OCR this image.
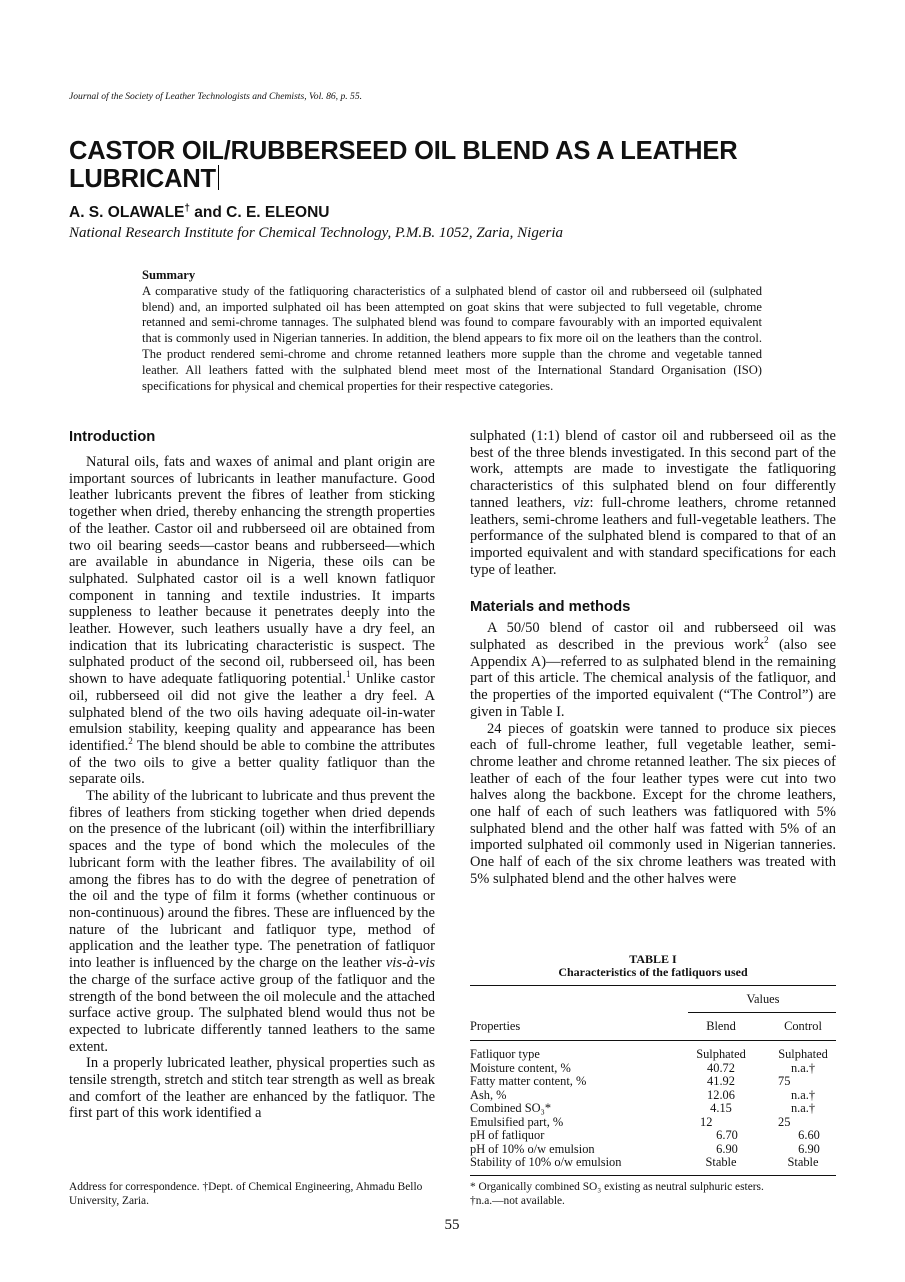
Journal of the Society of Leather Technologists and Chemists, Vol. 86, p. 55.
CASTOR OIL/RUBBERSEED OIL BLEND AS A LEATHER LUBRICANT
A. S. OLAWALE† and C. E. ELEONU
National Research Institute for Chemical Technology, P.M.B. 1052, Zaria, Nigeria
Summary
A comparative study of the fatliquoring characteristics of a sulphated blend of castor oil and rubberseed oil (sulphated blend) and, an imported sulphated oil has been attempted on goat skins that were subjected to full vegetable, chrome retanned and semi-chrome tannages. The sulphated blend was found to compare favourably with an imported equivalent that is commonly used in Nigerian tanneries. In addition, the blend appears to fix more oil on the leathers than the control. The product rendered semi-chrome and chrome retanned leathers more supple than the chrome and vegetable tanned leather. All leathers fatted with the sulphated blend meet most of the International Standard Organisation (ISO) specifications for physical and chemical properties for their respective categories.
Introduction

Natural oils, fats and waxes of animal and plant origin are important sources of lubricants in leather manufacture. Good leather lubricants prevent the fibres of leather from sticking together when dried, thereby enhancing the strength properties of the leather. Castor oil and rubberseed oil are obtained from two oil bearing seeds—castor beans and rubberseed—which are available in abundance in Nigeria, these oils can be sulphated. Sulphated castor oil is a well known fatliquor component in tanning and textile industries. It imparts suppleness to leather because it penetrates deeply into the leather. However, such leathers usually have a dry feel, an indication that its lubricating characteristic is suspect. The sulphated product of the second oil, rubberseed oil, has been shown to have adequate fatliquoring potential.$^1$ Unlike castor oil, rubberseed oil did not give the leather a dry feel. A sulphated blend of the two oils having adequate oil-in-water emulsion stability, keeping quality and appearance has been identified.$^2$ The blend should be able to combine the attributes of the two oils to give a better quality fatliquor than the separate oils.

The ability of the lubricant to lubricate and thus prevent the fibres of leathers from sticking together when dried depends on the presence of the lubricant (oil) within the interfibrilliary spaces and the type of bond which the molecules of the lubricant form with the leather fibres. The availability of oil among the fibres has to do with the degree of penetration of the oil and the type of film it forms (whether continuous or non-continuous) around the fibres. These are influenced by the nature of the lubricant and fatliquor type, method of application and the leather type. The penetration of fatliquor into leather is influenced by the charge on the leather vis-à-vis the charge of the surface active group of the fatliquor and the strength of the bond between the oil molecule and the attached surface active group. The sulphated blend would thus not be expected to lubricate differently tanned leathers to the same extent.

In a properly lubricated leather, physical properties such as tensile strength, stretch and stitch tear strength as well as break and comfort of the leather are enhanced by the fatliquor. The first part of this work identified a

sulphated (1:1) blend of castor oil and rubberseed oil as the best of the three blends investigated. In this second part of the work, attempts are made to investigate the fatliquoring characteristics of this sulphated blend on four differently tanned leathers, viz: full-chrome leathers, chrome retanned leathers, semi-chrome leathers and full-vegetable leathers. The performance of the sulphated blend is compared to that of an imported equivalent and with standard specifications for each type of leather.

Materials and methods

A 50/50 blend of castor oil and rubberseed oil was sulphated as described in the previous work$^2$ (also see Appendix A)—referred to as sulphated blend in the remaining part of this article. The chemical analysis of the fatliquor, and the properties of the imported equivalent (“The Control”) are given in Table I.

24 pieces of goatskin were tanned to produce six pieces each of full-chrome leather, full vegetable leather, semi-chrome leather and chrome retanned leather. The six pieces of leather of each of the four leather types were cut into two halves along the backbone. Except for the chrome leathers, one half of each of such leathers was fatliquored with 5% sulphated blend and the other half was fatted with 5% of an imported sulphated oil commonly used in Nigerian tanneries. One half of each of the six chrome leathers was treated with 5% sulphated blend and the other halves were

TABLE I
Characteristics of the fatliquors used
Values
Properties	Blend	Control
Fatliquor type	Sulphated	Sulphated
Moisture content, %	40.72	n.a.†
Fatty matter content, %	41.92	75
Ash, %	12.06	n.a.†
Combined SO₃*	4.15	n.a.†
Emulsified part, %	12	25
pH of fatliquor	6.70	6.60
pH of 10% o/w emulsion	6.90	6.90
Stability of 10% o/w emulsion	Stable	Stable
Address for correspondence. †Dept. of Chemical Engineering, Ahmadu Bello University, Zaria.
* Organically combined SO₃ existing as neutral sulphuric esters.
†n.a.—not available.
55
